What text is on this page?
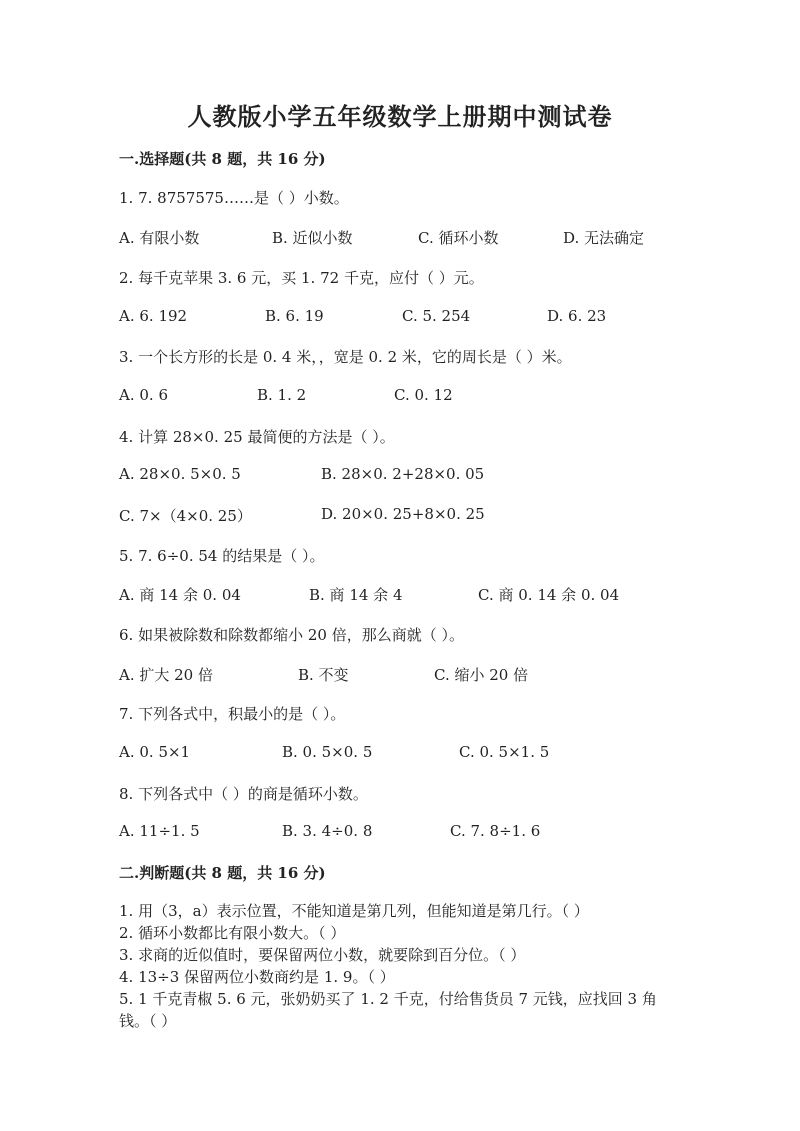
人教版小学五年级数学上册期中测试卷
一.选择题(共 8 题，共 16 分)
1. 7. 8757575……是（ ）小数。
A. 有限小数	B. 近似小数	C. 循环小数	D. 无法确定
2. 每千克苹果 3. 6 元，买 1. 72 千克，应付（ ）元。
A. 6. 192	B. 6. 19	C. 5. 254	D. 6. 23
3. 一个长方形的长是 0. 4 米，，宽是 0. 2 米，它的周长是（ ）米。
A. 0. 6	B. 1. 2	C. 0. 12
4. 计算 28×0. 25 最简便的方法是（ ）。
A. 28×0. 5×0. 5	B. 28×0. 2+28×0. 05
C. 7×（4×0. 25）	D. 20×0. 25+8×0. 25
5. 7. 6÷0. 54 的结果是（ ）。
A. 商 14 余 0. 04	B. 商 14 余 4	C. 商 0. 14 余 0. 04
6. 如果被除数和除数都缩小 20 倍，那么商就（ ）。
A. 扩大 20 倍	B. 不变	C. 缩小 20 倍
7. 下列各式中，积最小的是（ ）。
A. 0. 5×1	B. 0. 5×0. 5	C. 0. 5×1. 5
8. 下列各式中（ ）的商是循环小数。
A. 11÷1. 5	B. 3. 4÷0. 8	C. 7. 8÷1. 6
二.判断题(共 8 题，共 16 分)
1. 用（3，a）表示位置，不能知道是第几列，但能知道是第几行。（ ）
2. 循环小数都比有限小数大。（ ）
3. 求商的近似值时，要保留两位小数，就要除到百分位。（ ）
4. 13÷3 保留两位小数商约是 1. 9。（ ）
5. 1 千克青椒 5. 6 元，张奶奶买了 1. 2 千克，付给售货员 7 元钱，应找回 3 角
钱。（ ）
